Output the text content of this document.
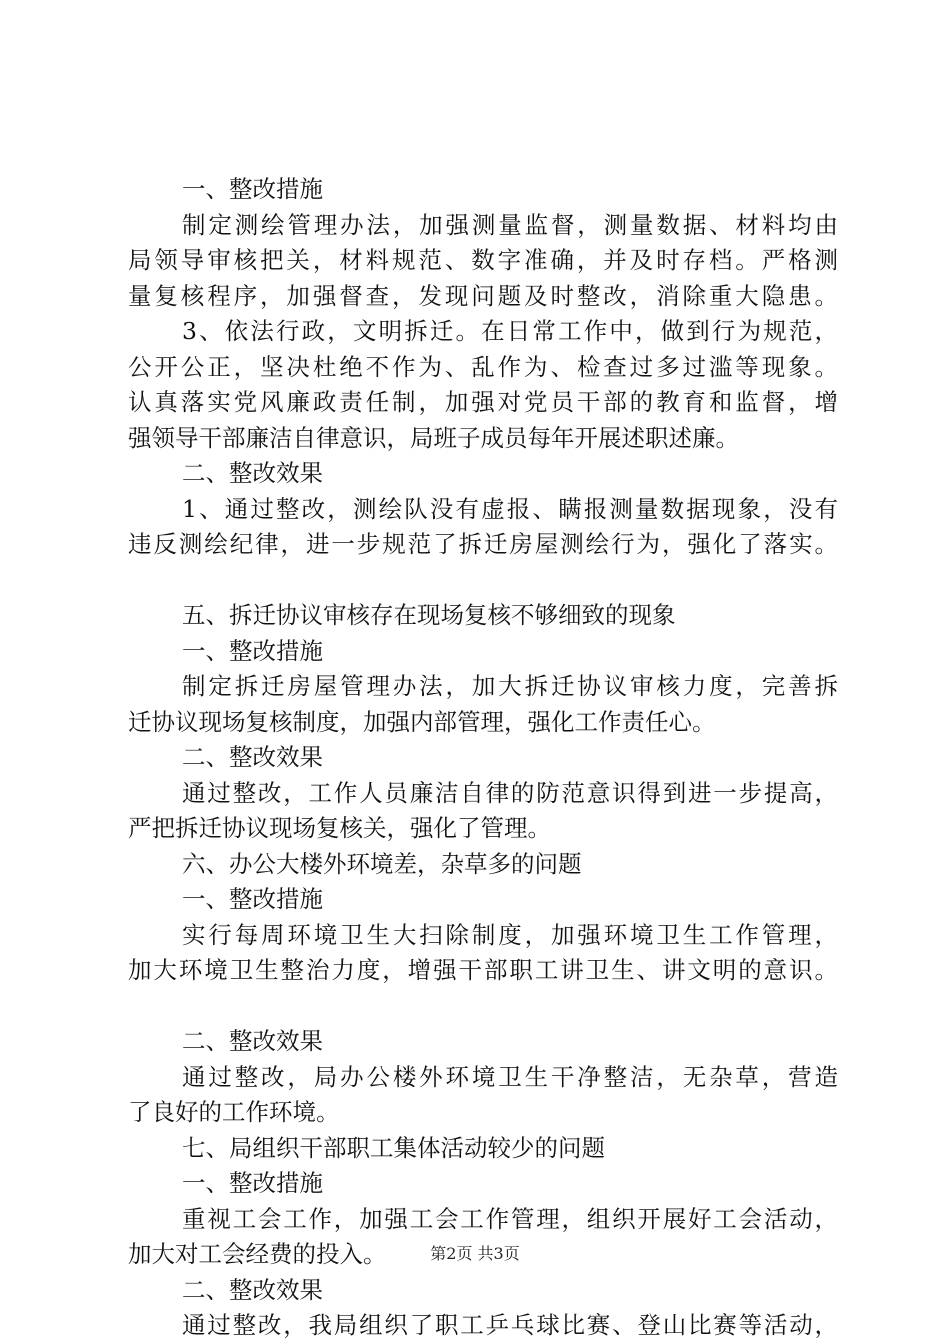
一、整改措施
制定测绘管理办法，加强测量监督，测量数据、材料均由
局领导审核把关，材料规范、数字准确，并及时存档。严格测
量复核程序，加强督查，发现问题及时整改，消除重大隐患。
3、依法行政，文明拆迁。在日常工作中，做到行为规范，
公开公正，坚决杜绝不作为、乱作为、检查过多过滥等现象。
认真落实党风廉政责任制，加强对党员干部的教育和监督，增
强领导干部廉洁自律意识，局班子成员每年开展述职述廉。
二、整改效果
1、通过整改，测绘队没有虚报、瞒报测量数据现象，没有
违反测绘纪律，进一步规范了拆迁房屋测绘行为，强化了落实。
五、拆迁协议审核存在现场复核不够细致的现象
一、整改措施
制定拆迁房屋管理办法，加大拆迁协议审核力度，完善拆
迁协议现场复核制度，加强内部管理，强化工作责任心。
二、整改效果
通过整改，工作人员廉洁自律的防范意识得到进一步提高，
严把拆迁协议现场复核关，强化了管理。
六、办公大楼外环境差，杂草多的问题
一、整改措施
实行每周环境卫生大扫除制度，加强环境卫生工作管理，
加大环境卫生整治力度，增强干部职工讲卫生、讲文明的意识。
二、整改效果
通过整改，局办公楼外环境卫生干净整洁，无杂草，营造
了良好的工作环境。
七、局组织干部职工集体活动较少的问题
一、整改措施
重视工会工作，加强工会工作管理，组织开展好工会活动，
加大对工会经费的投入。
二、整改效果
通过整改，我局组织了职工乒乓球比赛、登山比赛等活动，
第2页 共3页
